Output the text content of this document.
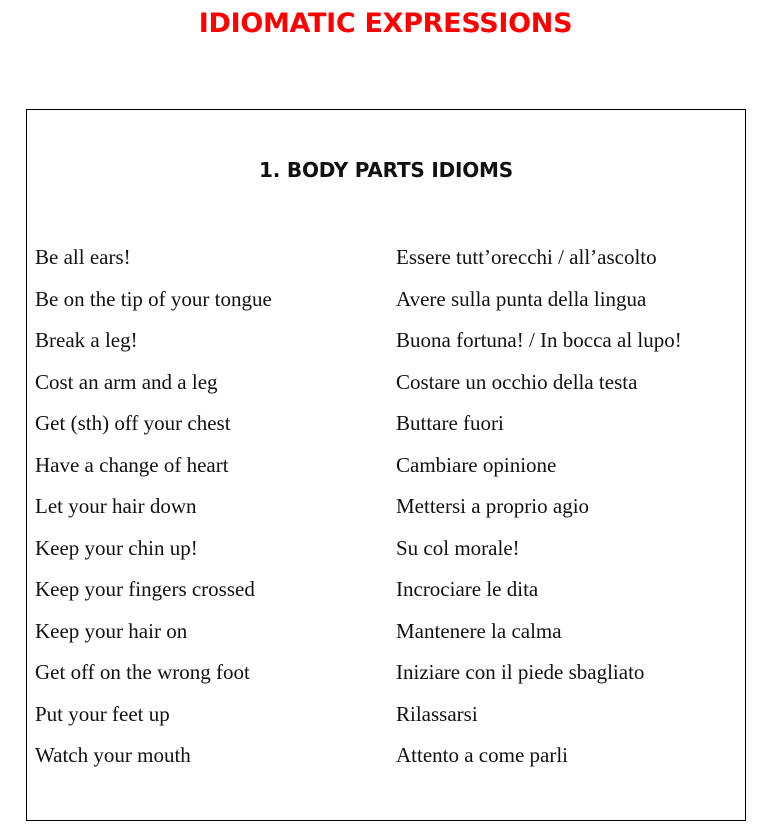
IDIOMATIC EXPRESSIONS
1. BODY PARTS IDIOMS
Be all ears!	Essere tutt’orecchi / all’ascolto
Be on the tip of your tongue	Avere sulla punta della lingua
Break a leg!	Buona fortuna! / In bocca al lupo!
Cost an arm and a leg	Costare un occhio della testa
Get (sth) off your chest	Buttare fuori
Have a change of heart	Cambiare opinione
Let your hair down	Mettersi a proprio agio
Keep your chin up!	Su col morale!
Keep your fingers crossed	Incrociare le dita
Keep your hair on	Mantenere la calma
Get off on the wrong foot	Iniziare con il piede sbagliato
Put your feet up	Rilassarsi
Watch your mouth	Attento a come parli
